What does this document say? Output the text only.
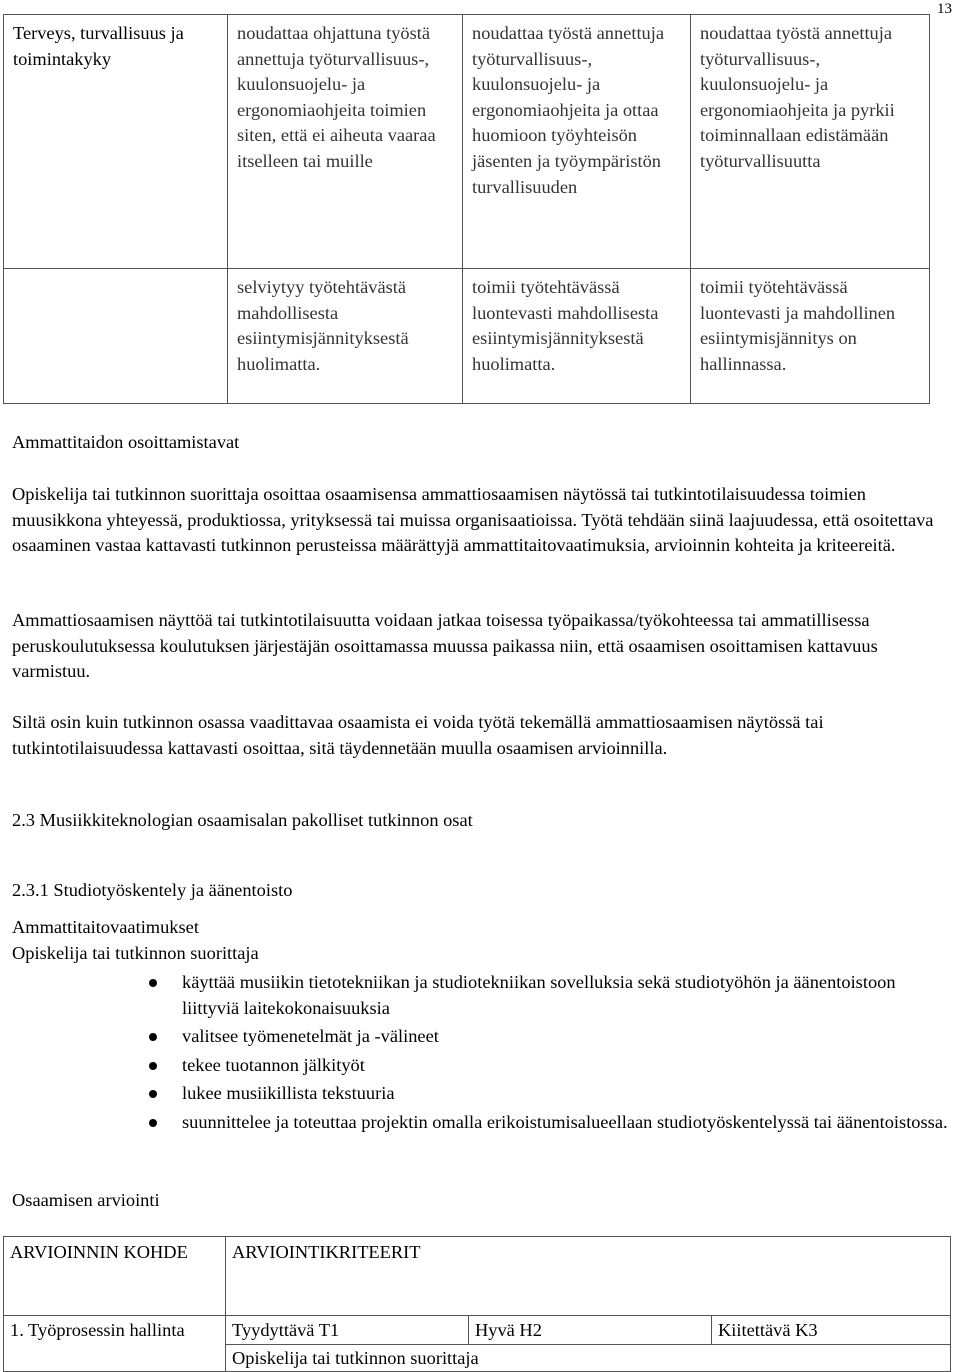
13
Terveys, turvallisuus ja toimintakyky	noudattaa ohjattuna työstä annettuja työturvallisuus-, kuulonsuojelu- ja ergonomiaohjeita toimien siten, että ei aiheuta vaaraa itselleen tai muille	noudattaa työstä annettuja työturvallisuus-, kuulonsuojelu- ja ergonomiaohjeita ja ottaa huomioon työyhteisön jäsenten ja työympäristön turvallisuuden	noudattaa työstä annettuja työturvallisuus-, kuulonsuojelu- ja ergonomiaohjeita ja pyrkii toiminnallaan edistämään työturvallisuutta
	selviytyy työtehtävästä mahdollisesta esiintymisjännityksestä huolimatta.	toimii työtehtävässä luontevasti mahdollisesta esiintymisjännityksestä huolimatta.	toimii työtehtävässä luontevasti ja mahdollinen esiintymisjännitys on hallinnassa.

Ammattitaidon osoittamistavat

Opiskelija tai tutkinnon suorittaja osoittaa osaamisensa ammattiosaamisen näytössä tai tutkintotilaisuudessa toimien muusikkona yhteyessä, produktiossa, yrityksessä tai muissa organisaatioissa. Työtä tehdään siinä laajuudessa, että osoitettava osaaminen vastaa kattavasti tutkinnon perusteissa määrättyjä ammattitaitovaatimuksia, arvioinnin kohteita ja kriteereitä.

Ammattiosaamisen näyttöä tai tutkintotilaisuutta voidaan jatkaa toisessa työpaikassa/työkohteessa tai ammatillisessa peruskoulutuksessa koulutuksen järjestäjän osoittamassa muussa paikassa niin, että osaamisen osoittamisen kattavuus varmistuu.

Siltä osin kuin tutkinnon osassa vaadittavaa osaamista ei voida työtä tekemällä ammattiosaamisen näytössä tai tutkintotilaisuudessa kattavasti osoittaa, sitä täydennetään muulla osaamisen arvioinnilla.

2.3 Musiikkiteknologian osaamisalan pakolliset tutkinnon osat

2.3.1 Studiotyöskentely ja äänentoisto

Ammattitaitovaatimukset

Opiskelija tai tutkinnon suorittaja

käyttää musiikin tietotekniikan ja studiotekniikan sovelluksia sekä studiotyöhön ja äänentoistoon liittyviä laitekokonaisuuksia
valitsee työmenetelmät ja -välineet
tekee tuotannon jälkityöt
lukee musiikillista tekstuuria
suunnittelee ja toteuttaa projektin omalla erikoistumisalueellaan studiotyöskentelyssä tai äänentoistossa.

Osaamisen arviointi

ARVIOINNIN KOHDE	ARVIOINTIKRITEERIT		
1. Työprosessin hallinta	Tyydyttävä T1	Hyvä H2	Kiitettävä K3
	Opiskelija tai tutkinnon suorittaja		
